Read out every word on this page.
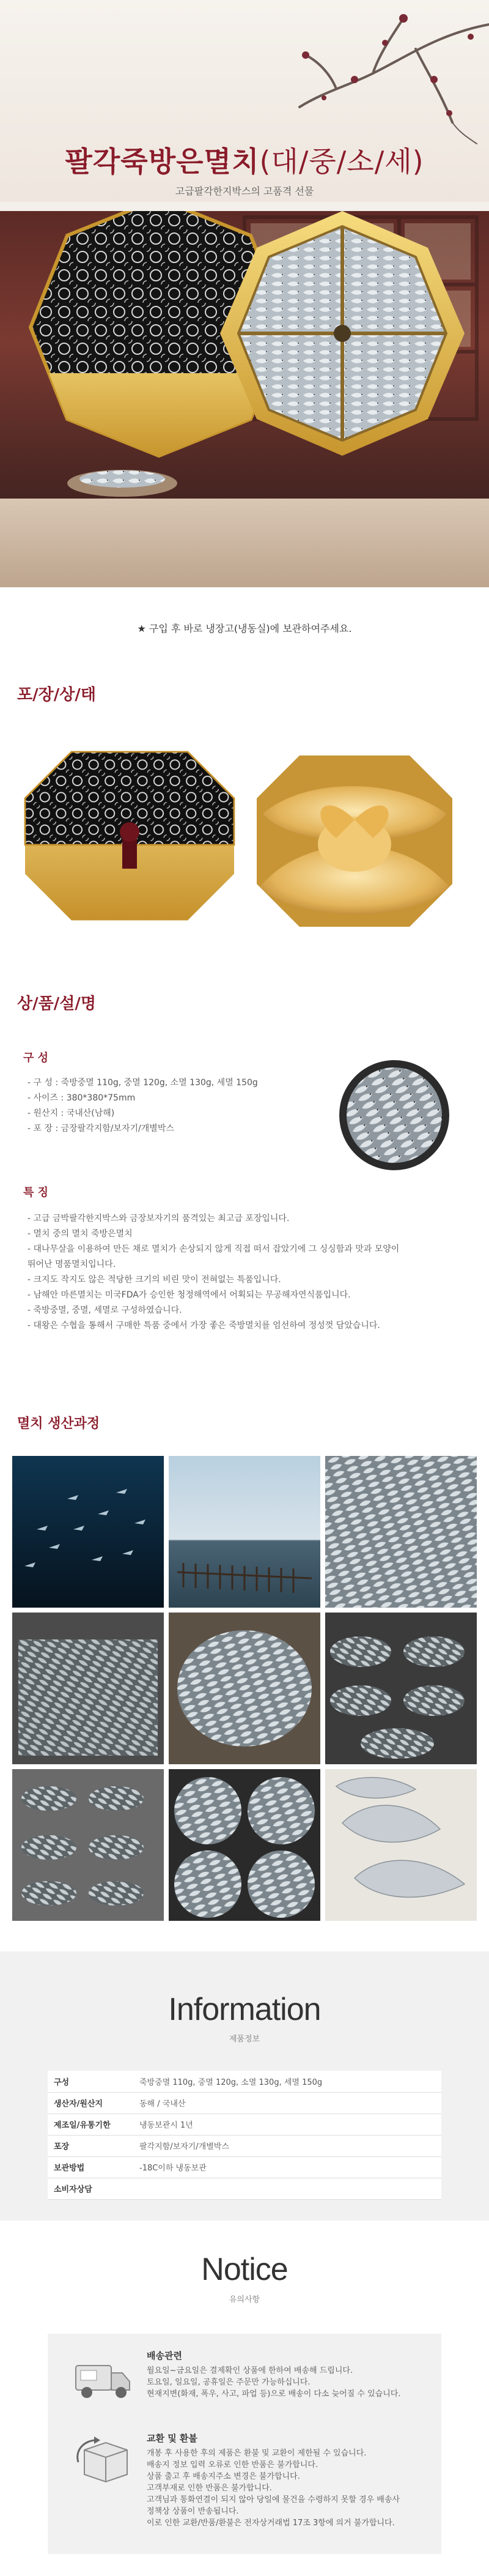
팔각죽방은멸치(대/중/소/세)
고급팔각한지박스의 고품격 선물
★ 구입 후 바로 냉장고(냉동실)에 보관하여주세요.
포/장/상/태
상/품/설/명
구 성
- 구 성 : 죽방중멸 110g, 중멸 120g, 소멸 130g, 세멸 150g
- 사이즈 : 380*380*75mm
- 원산지 : 국내산(남해)
- 포 장 : 금장팔각지함/보자기/개별박스
특 징
- 고급 금박팔각한지박스와 금장보자기의 품격있는 최고급 포장입니다.
- 멸치 중의 멸치 죽방은멸치
- 대나무살을 이용하여 만든 채로 멸치가 손상되지 않게 직접 떠서 잡았기에 그 싱싱함과 맛과 모양이
뛰어난 명품멸치입니다.
- 크지도 작지도 않은 적당한 크기의 비린 맛이 전혀없는 특품입니다.
- 남해안 마른멸치는 미국FDA가 승인한 청정해역에서 어획되는 무공해자연식품입니다.
- 죽방중멸, 중멸, 세멸로 구성하였습니다.
- 대왕은 수협을 통해서 구매한 특품 중에서 가장 좋은 죽방멸치를 엄선하여 정성껏 담았습니다.
멸치 생산과정
Information
제품정보
구성	죽방중멸 110g, 중멸 120g, 소멸 130g, 세멸 150g
생산자/원산지	동해 / 국내산
제조일/유통기한	냉동보관시 1년
포장	팔각지함/보자기/개별박스
보관방법	-18C이하 냉동보관
소비자상담	
Notice
유의사항
배송관련
월요일~금요일은 결제확인 상품에 한하여 배송해 드립니다.
토요일, 일요일, 공휴일은 주문만 가능하십니다.
현재지변(화재, 폭우, 사고, 파업 등)으로 배송이 다소 늦어질 수 있습니다.
교환 및 환불
개봉 후 사용한 후의 제품은 환불 및 교환이 제한될 수 있습니다.
배송지 정보 입력 오류로 인한 반품은 불가합니다.
상품 출고 후 배송지주소 변경은 불가합니다.
고객부재로 인한 반품은 불가합니다.
고객님과 통화연결이 되지 않아 당일에 물건을 수령하지 못할 경우 배송사
정책상 상품이 반송됩니다.
이로 인한 교환/반품/환불은 전자상거래법 17조 3항에 의거 불가합니다.
